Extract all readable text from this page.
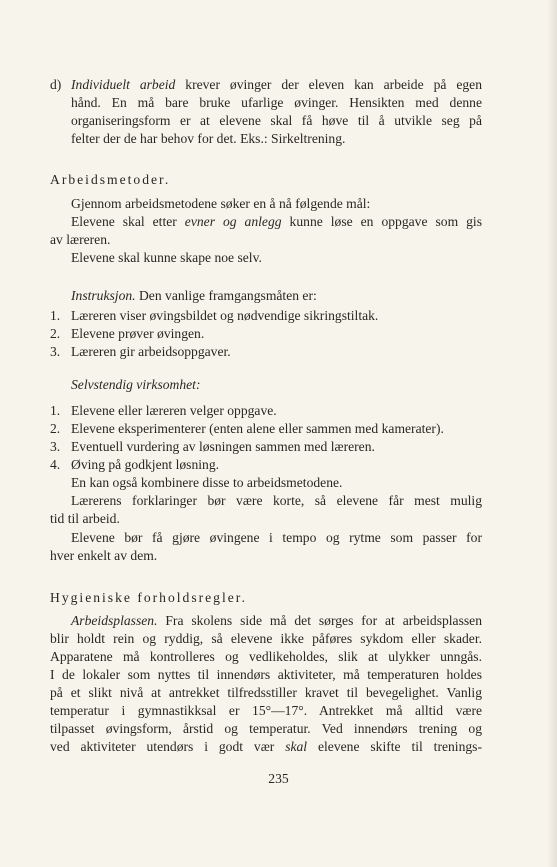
d) Individuelt arbeid krever øvinger der eleven kan arbeide på egen
hånd. En må bare bruke ufarlige øvinger. Hensikten med denne
organiseringsform er at elevene skal få høve til å utvikle seg på
felter der de har behov for det. Eks.: Sirkeltrening.
Arbeidsmetoder.
Gjennom arbeidsmetodene søker en å nå følgende mål:
Elevene skal etter evner og anlegg kunne løse en oppgave som gis
av læreren.
Elevene skal kunne skape noe selv.
Instruksjon. Den vanlige framgangsmåten er:
1. Læreren viser øvingsbildet og nødvendige sikringstiltak.
2. Elevene prøver øvingen.
3. Læreren gir arbeidsoppgaver.
Selvstendig virksomhet:
1. Elevene eller læreren velger oppgave.
2. Elevene eksperimenterer (enten alene eller sammen med kamerater).
3. Eventuell vurdering av løsningen sammen med læreren.
4. Øving på godkjent løsning.
En kan også kombinere disse to arbeidsmetodene.
Lærerens forklaringer bør være korte, så elevene får mest mulig
tid til arbeid.
Elevene bør få gjøre øvingene i tempo og rytme som passer for
hver enkelt av dem.
Hygieniske forholdsregler.
Arbeidsplassen. Fra skolens side må det sørges for at arbeidsplassen
blir holdt rein og ryddig, så elevene ikke påføres sykdom eller skader.
Apparatene må kontrolleres og vedlikeholdes, slik at ulykker unngås.
I de lokaler som nyttes til innendørs aktiviteter, må temperaturen holdes
på et slikt nivå at antrekket tilfredsstiller kravet til bevegelighet. Vanlig
temperatur i gymnastikksal er 15°—17°. Antrekket må alltid være
tilpasset øvingsform, årstid og temperatur. Ved innendørs trening og
ved aktiviteter utendørs i godt vær skal elevene skifte til trenings-
235
